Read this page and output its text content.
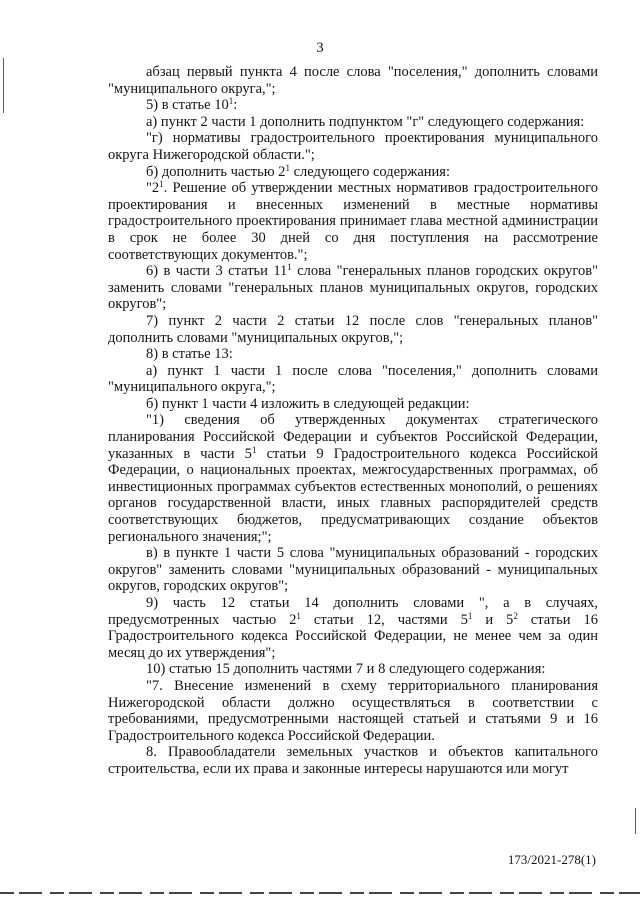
3

абзац первый пункта 4 после слова "поселения," дополнить словами "муниципального округа,";

5) в статье $10^1$:

а) пункт 2 части 1 дополнить подпунктом "г" следующего содержания:

"г) нормативы градостроительного проектирования муниципального округа Нижегородской области.";

б) дополнить частью $2^1$ следующего содержания:

"$2^1$. Решение об утверждении местных нормативов градостроительного проектирования и внесенных изменений в местные нормативы градостроительного проектирования принимает глава местной администрации в срок не более 30 дней со дня поступления на рассмотрение соответствующих документов.";

6) в части 3 статьи $11^1$ слова "генеральных планов городских округов" заменить словами "генеральных планов муниципальных округов, городских округов";

7) пункт 2 части 2 статьи 12 после слов "генеральных планов" дополнить словами "муниципальных округов,";

8) в статье 13:

а) пункт 1 части 1 после слова "поселения," дополнить словами "муниципального округа,";

б) пункт 1 части 4 изложить в следующей редакции:

"1) сведения об утвержденных документах стратегического планирования Российской Федерации и субъектов Российской Федерации, указанных в части $5^1$ статьи 9 Градостроительного кодекса Российской Федерации, о национальных проектах, межгосударственных программах, об инвестиционных программах субъектов естественных монополий, о решениях органов государственной власти, иных главных распорядителей средств соответствующих бюджетов, предусматривающих создание объектов регионального значения;";

в) в пункте 1 части 5 слова "муниципальных образований - городских округов" заменить словами "муниципальных образований - муниципальных округов, городских округов";

9) часть 12 статьи 14 дополнить словами ", а в случаях, предусмотренных частью $2^1$ статьи 12, частями $5^1$ и $5^2$ статьи 16 Градостроительного кодекса Российской Федерации, не менее чем за один месяц до их утверждения";

10) статью 15 дополнить частями 7 и 8 следующего содержания:

"7. Внесение изменений в схему территориального планирования Нижегородской области должно осуществляться в соответствии с требованиями, предусмотренными настоящей статьей и статьями 9 и 16 Градостроительного кодекса Российской Федерации.

8. Правообладатели земельных участков и объектов капитального строительства, если их права и законные интересы нарушаются или могут

173/2021-278(1)
